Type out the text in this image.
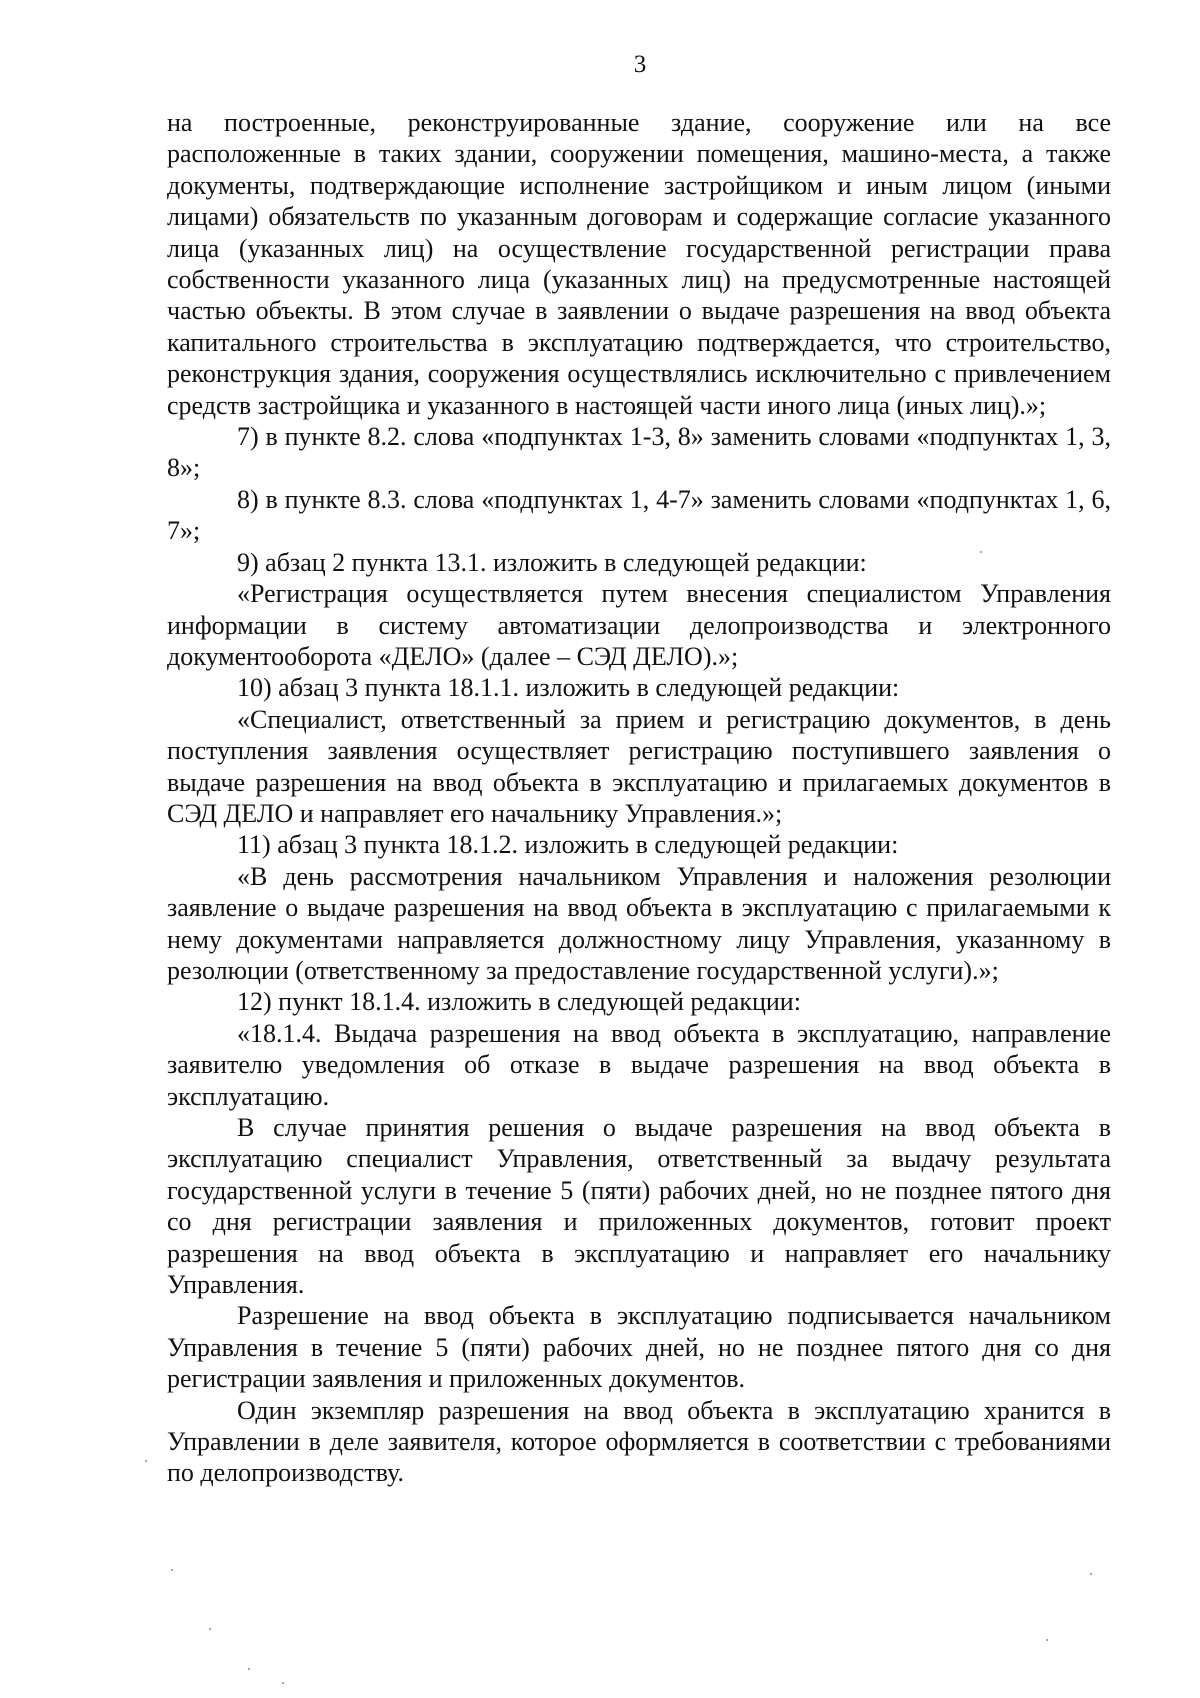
3

на построенные, реконструированные здание, сооружение или на все расположенные в таких здании, сооружении помещения, машино-места, а также документы, подтверждающие исполнение застройщиком и иным лицом (иными лицами) обязательств по указанным договорам и содержащие согласие указанного лица (указанных лиц) на осуществление государственной регистрации права собственности указанного лица (указанных лиц) на предусмотренные настоящей частью объекты. В этом случае в заявлении о выдаче разрешения на ввод объекта капитального строительства в эксплуатацию подтверждается, что строительство, реконструкция здания, сооружения осуществлялись исключительно с привлечением средств застройщика и указанного в настоящей части иного лица (иных лиц).»;

7) в пункте 8.2. слова «подпунктах 1-3, 8» заменить словами «подпунктах 1, 3, 8»;

8) в пункте 8.3. слова «подпунктах 1, 4-7» заменить словами «подпунктах 1, 6, 7»;

9) абзац 2 пункта 13.1. изложить в следующей редакции:

«Регистрация осуществляется путем внесения специалистом Управления информации в систему автоматизации делопроизводства и электронного документооборота «ДЕЛО» (далее – СЭД ДЕЛО).»;

10) абзац 3 пункта 18.1.1. изложить в следующей редакции:

«Специалист, ответственный за прием и регистрацию документов, в день поступления заявления осуществляет регистрацию поступившего заявления о выдаче разрешения на ввод объекта в эксплуатацию и прилагаемых документов в СЭД ДЕЛО и направляет его начальнику Управления.»;

11) абзац 3 пункта 18.1.2. изложить в следующей редакции:

«В день рассмотрения начальником Управления и наложения резолюции заявление о выдаче разрешения на ввод объекта в эксплуатацию с прилагаемыми к нему документами направляется должностному лицу Управления, указанному в резолюции (ответственному за предоставление государственной услуги).»;

12) пункт 18.1.4. изложить в следующей редакции:

«18.1.4. Выдача разрешения на ввод объекта в эксплуатацию, направление заявителю уведомления об отказе в выдаче разрешения на ввод объекта в эксплуатацию.

В случае принятия решения о выдаче разрешения на ввод объекта в эксплуатацию специалист Управления, ответственный за выдачу результата государственной услуги в течение 5 (пяти) рабочих дней, но не позднее пятого дня со дня регистрации заявления и приложенных документов, готовит проект разрешения на ввод объекта в эксплуатацию и направляет его начальнику Управления.

Разрешение на ввод объекта в эксплуатацию подписывается начальником Управления в течение 5 (пяти) рабочих дней, но не позднее пятого дня со дня регистрации заявления и приложенных документов.

Один экземпляр разрешения на ввод объекта в эксплуатацию хранится в Управлении в деле заявителя, которое оформляется в соответствии с требованиями по делопроизводству.
